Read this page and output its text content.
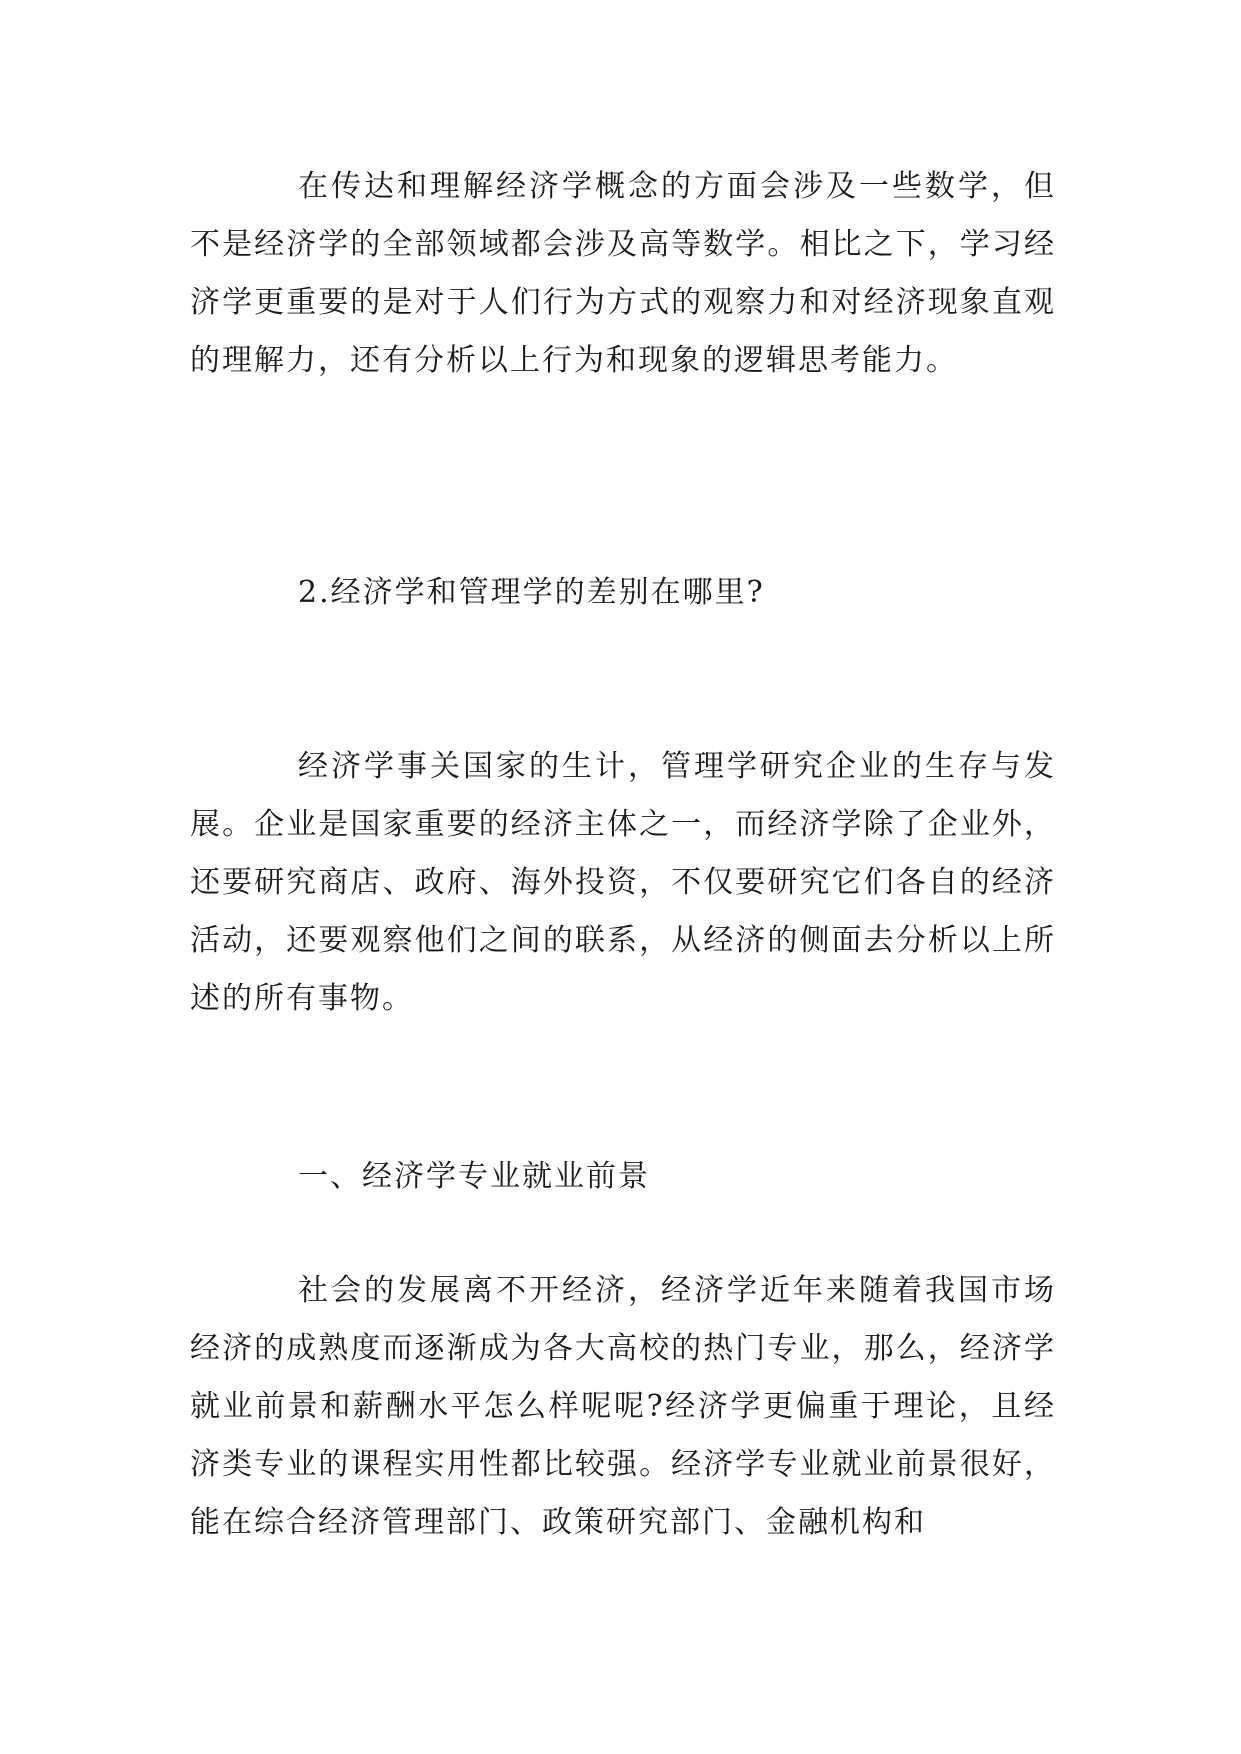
在传达和理解经济学概念的方面会涉及一些数学，但不是经济学的全部领域都会涉及高等数学。相比之下，学习经济学更重要的是对于人们行为方式的观察力和对经济现象直观的理解力，还有分析以上行为和现象的逻辑思考能力。

2.经济学和管理学的差别在哪里?

经济学事关国家的生计，管理学研究企业的生存与发展。企业是国家重要的经济主体之一，而经济学除了企业外，还要研究商店、政府、海外投资，不仅要研究它们各自的经济活动，还要观察他们之间的联系，从经济的侧面去分析以上所述的所有事物。

一、经济学专业就业前景

社会的发展离不开经济，经济学近年来随着我国市场经济的成熟度而逐渐成为各大高校的热门专业，那么，经济学就业前景和薪酬水平怎么样呢呢?经济学更偏重于理论，且经济类专业的课程实用性都比较强。经济学专业就业前景很好，能在综合经济管理部门、政策研究部门、金融机构和
